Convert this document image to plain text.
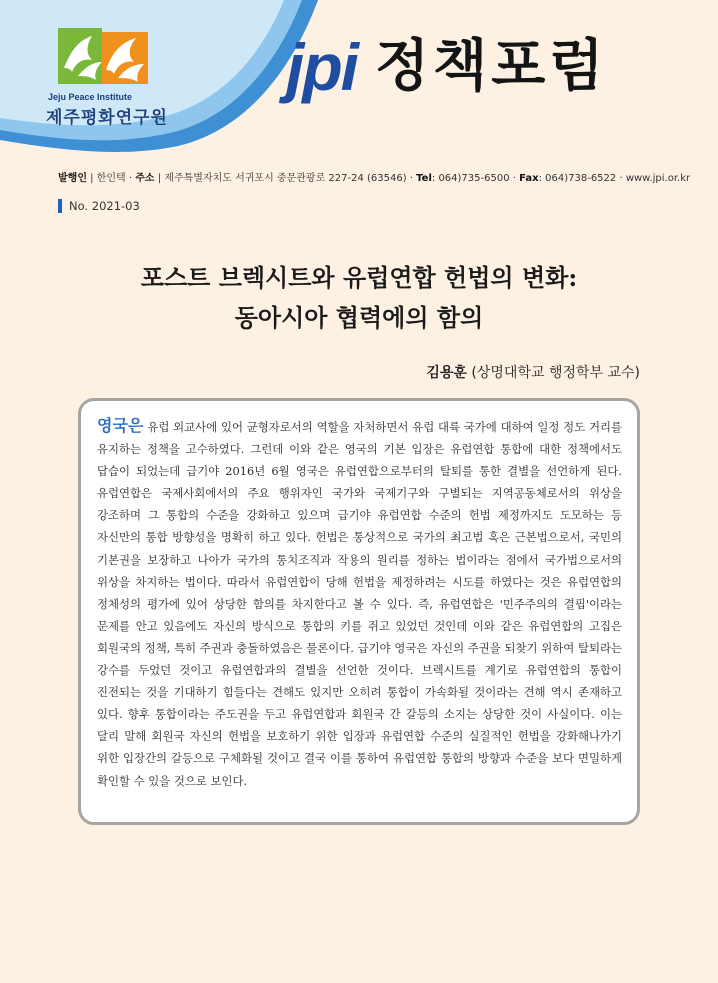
Jeju Peace Institute
제주평화연구원
jpi 정책포럼
발행인 | 한인택 · 주소 | 제주특별자치도 서귀포시 중문관광로 227-24 (63546) · Tel: 064)735-6500 · Fax: 064)738-6522 · www.jpi.or.kr
No. 2021-03
포스트 브렉시트와 유럽연합 헌법의 변화:
동아시아 협력에의 함의
김용훈 (상명대학교 행정학부 교수)

영국은 유럽 외교사에 있어 균형자로서의 역할을 자처하면서 유럽 대륙 국가에 대하여 일정 정도 거리를 유지하는 정책을 고수하였다. 그런데 이와 같은 영국의 기본 입장은 유럽연합 통합에 대한 정책에서도 답습이 되었는데 급기야 2016년 6월 영국은 유럽연합으로부터의 탈퇴를 통한 결별을 선언하게 된다. 유럽연합은 국제사회에서의 주요 행위자인 국가와 국제기구와 구별되는 지역공동체로서의 위상을 강조하며 그 통합의 수준을 강화하고 있으며 급기야 유럽연합 수준의 헌법 제정까지도 도모하는 등 자신만의 통합 방향성을 명확히 하고 있다. 헌법은 통상적으로 국가의 최고법 혹은 근본법으로서, 국민의 기본권을 보장하고 나아가 국가의 통치조직과 작용의 원리를 정하는 법이라는 점에서 국가법으로서의 위상을 차지하는 법이다. 따라서 유럽연합이 당해 헌법을 제정하려는 시도를 하였다는 것은 유럽연합의 정체성의 평가에 있어 상당한 함의를 차지한다고 볼 수 있다. 즉, 유럽연합은 '민주주의의 결핍'이라는 문제를 안고 있음에도 자신의 방식으로 통합의 키를 쥐고 있었던 것인데 이와 같은 유럽연합의 고집은 회원국의 정책, 특히 주권과 충돌하였음은 물론이다. 급기야 영국은 자신의 주권을 되찾기 위하여 탈퇴라는 강수를 두었던 것이고 유럽연합과의 결별을 선언한 것이다. 브렉시트를 계기로 유럽연합의 통합이 진전되는 것을 기대하기 힘들다는 견해도 있지만 오히려 통합이 가속화될 것이라는 견해 역시 존재하고 있다. 향후 통합이라는 주도권을 두고 유럽연합과 회원국 간 갈등의 소지는 상당한 것이 사실이다. 이는 달리 말해 회원국 자신의 헌법을 보호하기 위한 입장과 유럽연합 수준의 실질적인 헌법을 강화해나가기 위한 입장간의 갈등으로 구체화될 것이고 결국 이를 통하여 유럽연합 통합의 방향과 수준을 보다 면밀하게 확인할 수 있을 것으로 보인다.
